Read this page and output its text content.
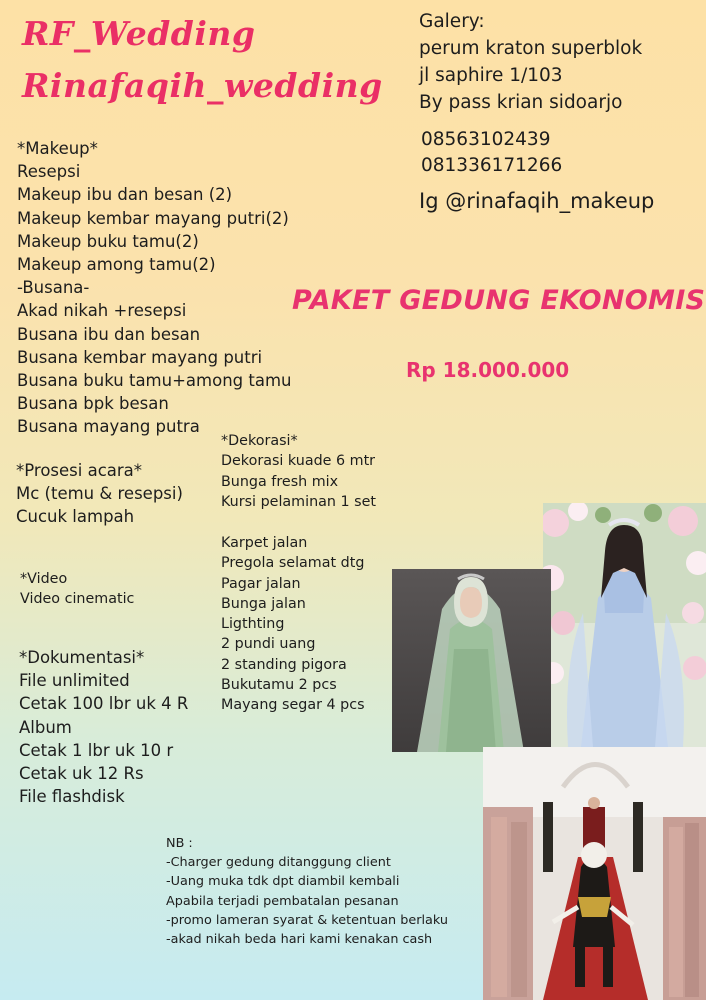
RF_Wedding
Rinafaqih_wedding
Galery:
perum kraton superblok
jl saphire 1/103
By pass krian sidoarjo
08563102439
081336171266
Ig @rinafaqih_makeup
PAKET GEDUNG EKONOMIS
Rp 18.000.000
*Makeup*
Resepsi
Makeup ibu dan besan (2)
Makeup kembar mayang putri(2)
Makeup buku tamu(2)
Makeup among tamu(2)
-Busana-
Akad nikah +resepsi
Busana ibu dan besan
Busana kembar mayang putri
Busana buku tamu+among tamu
Busana bpk besan
Busana mayang putra
*Prosesi acara*
Mc (temu & resepsi)
Cucuk lampah
*Video
Video cinematic
*Dokumentasi*
File unlimited
Cetak 100 lbr uk 4 R
Album
Cetak 1 lbr uk 10 r
Cetak uk 12 Rs
File flashdisk
*Dekorasi*
Dekorasi kuade 6 mtr
Bunga fresh mix
Kursi pelaminan 1 set
Karpet jalan
Pregola selamat dtg
Pagar jalan
Bunga jalan
Ligthting
2 pundi uang
2 standing pigora
Bukutamu 2 pcs
Mayang segar 4 pcs
NB :
-Charger gedung ditanggung client
-Uang muka tdk dpt diambil kembali
Apabila terjadi pembatalan pesanan
-promo lameran syarat & ketentuan berlaku
-akad nikah beda hari kami kenakan cash
